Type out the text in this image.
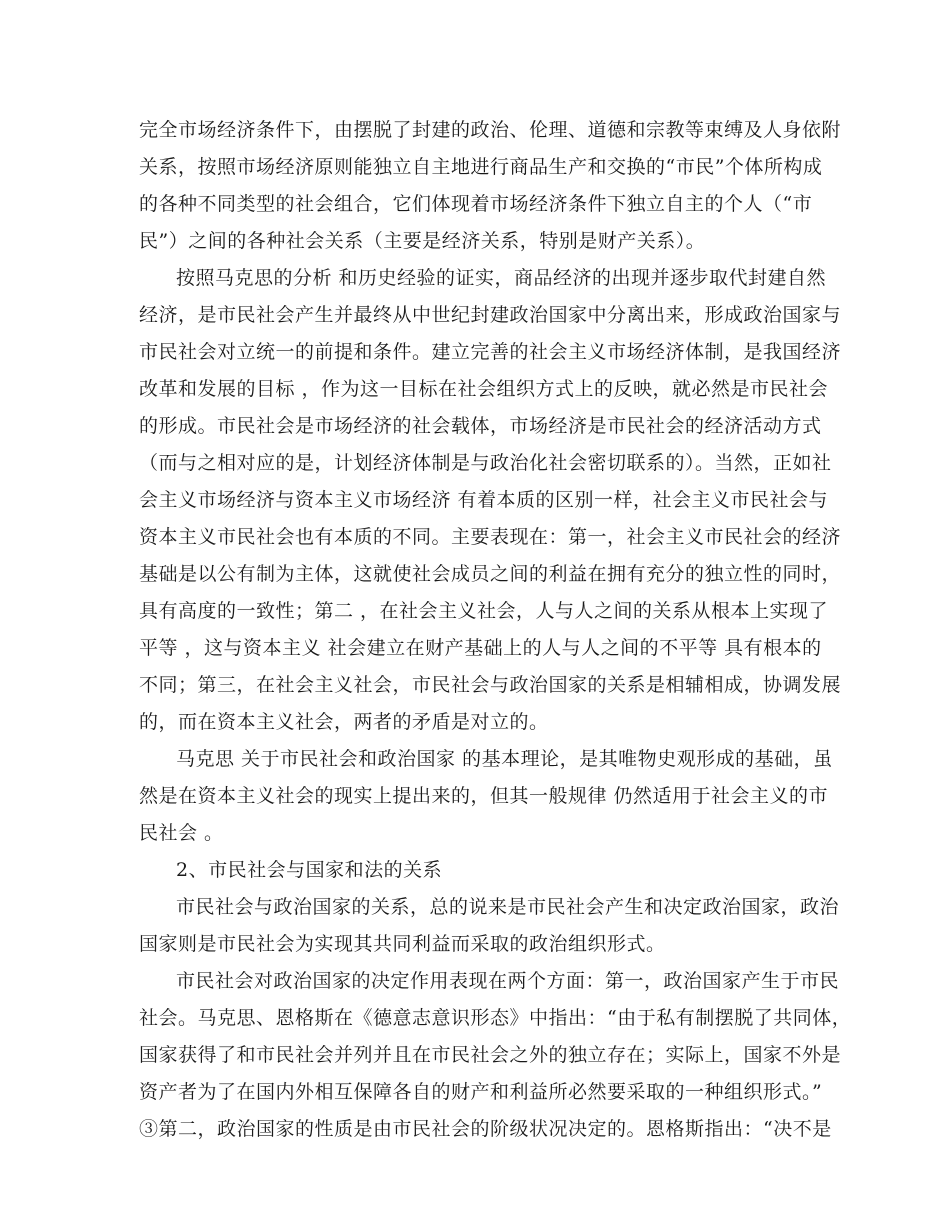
完全市场经济条件下，由摆脱了封建的政治、伦理、道德和宗教等束缚及人身依附
关系，按照市场经济原则能独立自主地进行商品生产和交换的“市民”个体所构成
的各种不同类型的社会组合，它们体现着市场经济条件下独立自主的个人（“市
民”）之间的各种社会关系（主要是经济关系，特别是财产关系）。
按照马克思的分析 和历史经验的证实，商品经济的出现并逐步取代封建自然
经济，是市民社会产生并最终从中世纪封建政治国家中分离出来，形成政治国家与
市民社会对立统一的前提和条件。建立完善的社会主义市场经济体制，是我国经济
改革和发展的目标 ，作为这一目标在社会组织方式上的反映，就必然是市民社会
的形成。市民社会是市场经济的社会载体，市场经济是市民社会的经济活动方式
（而与之相对应的是，计划经济体制是与政治化社会密切联系的）。当然，正如社
会主义市场经济与资本主义市场经济 有着本质的区别一样，社会主义市民社会与
资本主义市民社会也有本质的不同。主要表现在：第一，社会主义市民社会的经济
基础是以公有制为主体，这就使社会成员之间的利益在拥有充分的独立性的同时，
具有高度的一致性；第二 ，在社会主义社会，人与人之间的关系从根本上实现了
平等 ，这与资本主义 社会建立在财产基础上的人与人之间的不平等 具有根本的
不同；第三，在社会主义社会，市民社会与政治国家的关系是相辅相成，协调发展
的，而在资本主义社会，两者的矛盾是对立的。
马克思 关于市民社会和政治国家 的基本理论，是其唯物史观形成的基础，虽
然是在资本主义社会的现实上提出来的，但其一般规律 仍然适用于社会主义的市
民社会 。
2、市民社会与国家和法的关系
市民社会与政治国家的关系，总的说来是市民社会产生和决定政治国家，政治
国家则是市民社会为实现其共同利益而采取的政治组织形式。
市民社会对政治国家的决定作用表现在两个方面：第一，政治国家产生于市民
社会。马克思、恩格斯在《德意志意识形态》中指出：“由于私有制摆脱了共同体，
国家获得了和市民社会并列并且在市民社会之外的独立存在；实际上，国家不外是
资产者为了在国内外相互保障各自的财产和利益所必然要采取的一种组织形式。”
③第二，政治国家的性质是由市民社会的阶级状况决定的。恩格斯指出：“决不是
